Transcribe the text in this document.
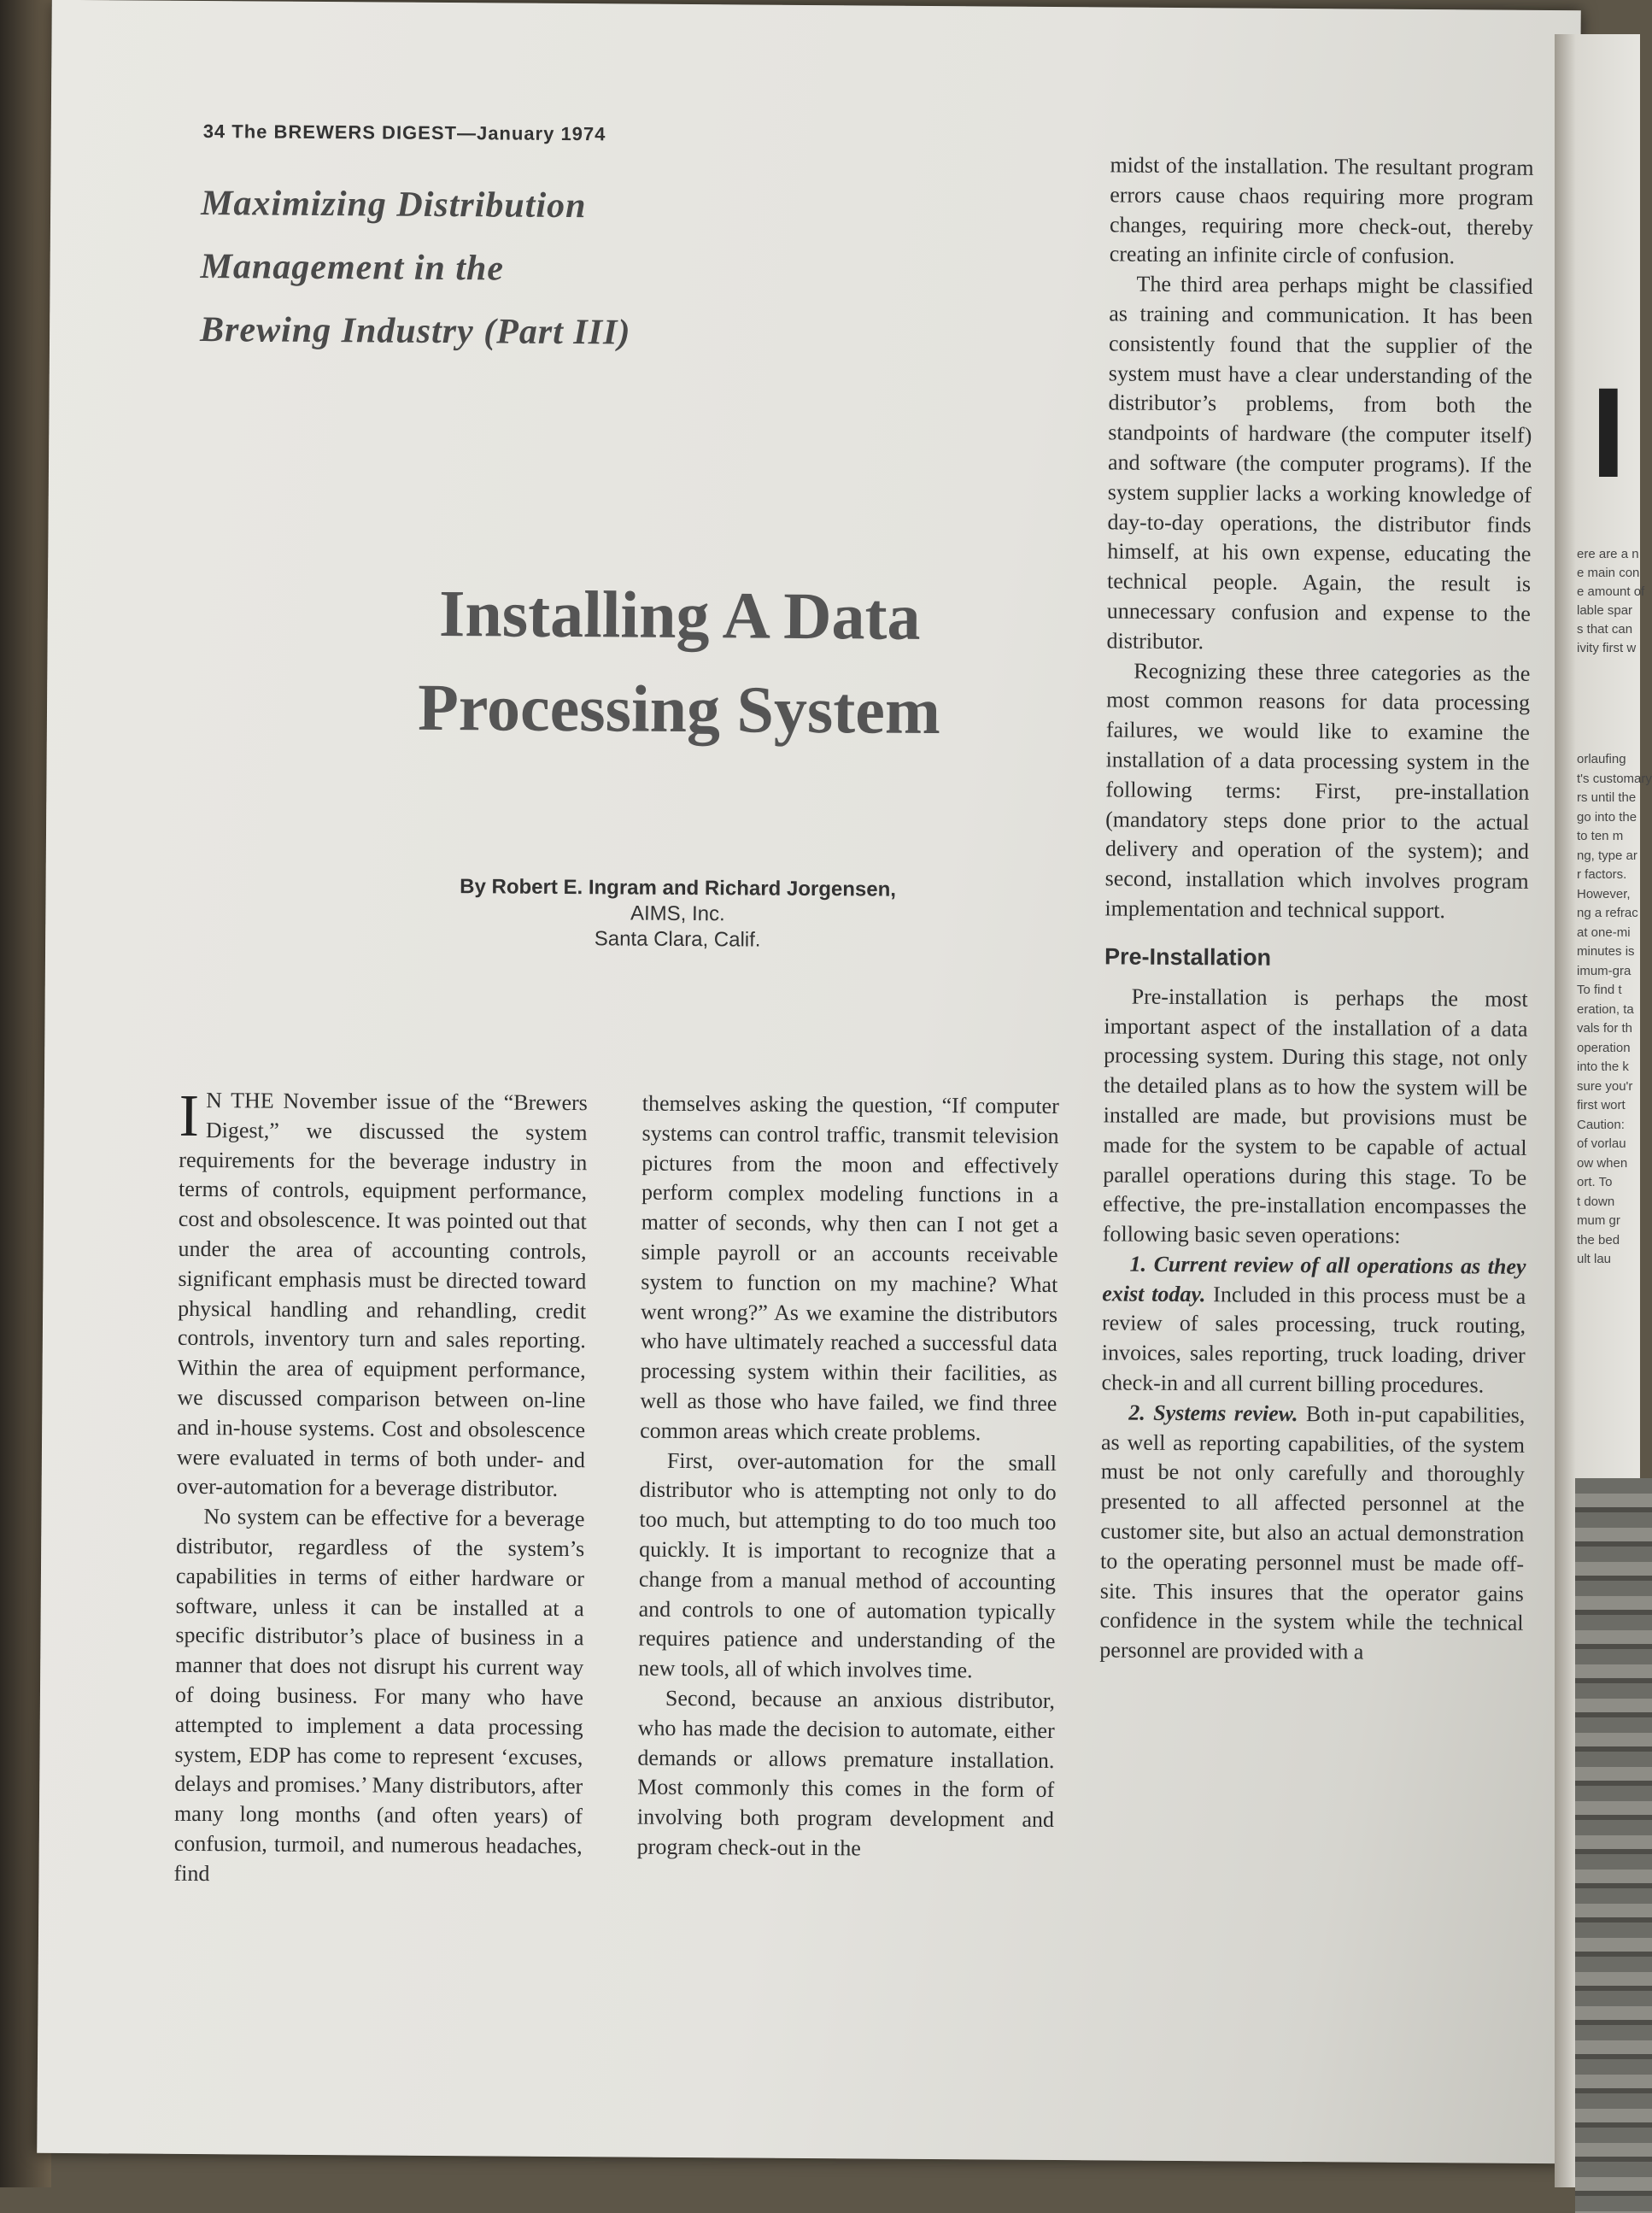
34 The BREWERS DIGEST—January 1974
Maximizing Distribution
Management in the
Brewing Industry (Part III)
Installing A Data
Processing System
By Robert E. Ingram and Richard Jorgensen,
AIMS, Inc.
Santa Clara, Calif.

I N THE November issue of the “Brewers Digest,” we discussed the system requirements for the beverage industry in terms of controls, equipment performance, cost and obsolescence. It was pointed out that under the area of accounting controls, significant emphasis must be directed toward physical handling and rehandling, credit controls, inventory turn and sales reporting. Within the area of equipment performance, we discussed comparison between on-line and in-house systems. Cost and obsolescence were evaluated in terms of both under- and over-automation for a beverage distributor.

No system can be effective for a beverage distributor, regardless of the system’s capabilities in terms of either hardware or software, unless it can be installed at a specific distributor’s place of business in a manner that does not disrupt his current way of doing business. For many who have attempted to implement a data processing system, EDP has come to represent ‘excuses, delays and promises.’ Many distributors, after many long months (and often years) of confusion, turmoil, and numerous headaches, find

themselves asking the question, “If computer systems can control traffic, transmit television pictures from the moon and effectively perform complex modeling functions in a matter of seconds, why then can I not get a simple payroll or an accounts receivable system to function on my machine? What went wrong?” As we examine the distributors who have ultimately reached a successful data processing system within their facilities, as well as those who have failed, we find three common areas which create problems.

First, over-automation for the small distributor who is attempting not only to do too much, but attempting to do too much too quickly. It is important to recognize that a change from a manual method of accounting and controls to one of automation typically requires patience and understanding of the new tools, all of which involves time.

Second, because an anxious distributor, who has made the decision to automate, either demands or allows premature installation. Most commonly this comes in the form of involving both program development and program check-out in the

midst of the installation. The resultant program errors cause chaos requiring more program changes, requiring more check-out, thereby creating an infinite circle of confusion.

The third area perhaps might be classified as training and communication. It has been consistently found that the supplier of the system must have a clear understanding of the distributor’s problems, from both the standpoints of hardware (the computer itself) and software (the computer programs). If the system supplier lacks a working knowledge of day-to-day operations, the distributor finds himself, at his own expense, educating the technical people. Again, the result is unnecessary confusion and expense to the distributor.

Recognizing these three categories as the most common reasons for data processing failures, we would like to examine the installation of a data processing system in the following terms: First, pre-installation (mandatory steps done prior to the actual delivery and operation of the system); and second, installation which involves program implementation and technical support.

Pre-Installation

Pre-installation is perhaps the most important aspect of the installation of a data processing system. During this stage, not only the detailed plans as to how the system will be installed are made, but provisions must be made for the system to be capable of actual parallel operations during this stage. To be effective, the pre-installation encompasses the following basic seven operations:

1. Current review of all operations as they exist today. Included in this process must be a review of sales processing, truck routing, invoices, sales reporting, truck loading, driver check-in and all current billing procedures.

2. Systems review. Both in-put capabilities, as well as reporting capabilities, of the system must be not only carefully and thoroughly presented to all affected personnel at the customer site, but also an actual demonstration to the operating personnel must be made off-site. This insures that the operator gains confidence in the system while the technical personnel are provided with a

I
ere are a n
e main con
e amount of
lable spar
s that can
ivity first w
orlaufing
t's customary
rs until the
go into the
to ten m
ng, type ar
r factors.
However,
ng a refrac
at one-mi
minutes is
imum-gra
To find t
eration, ta
vals for th
operation
into the k
sure you'r
first wort
Caution:
of vorlau
ow when
ort. To
t down
mum gr
the bed
ult lau
